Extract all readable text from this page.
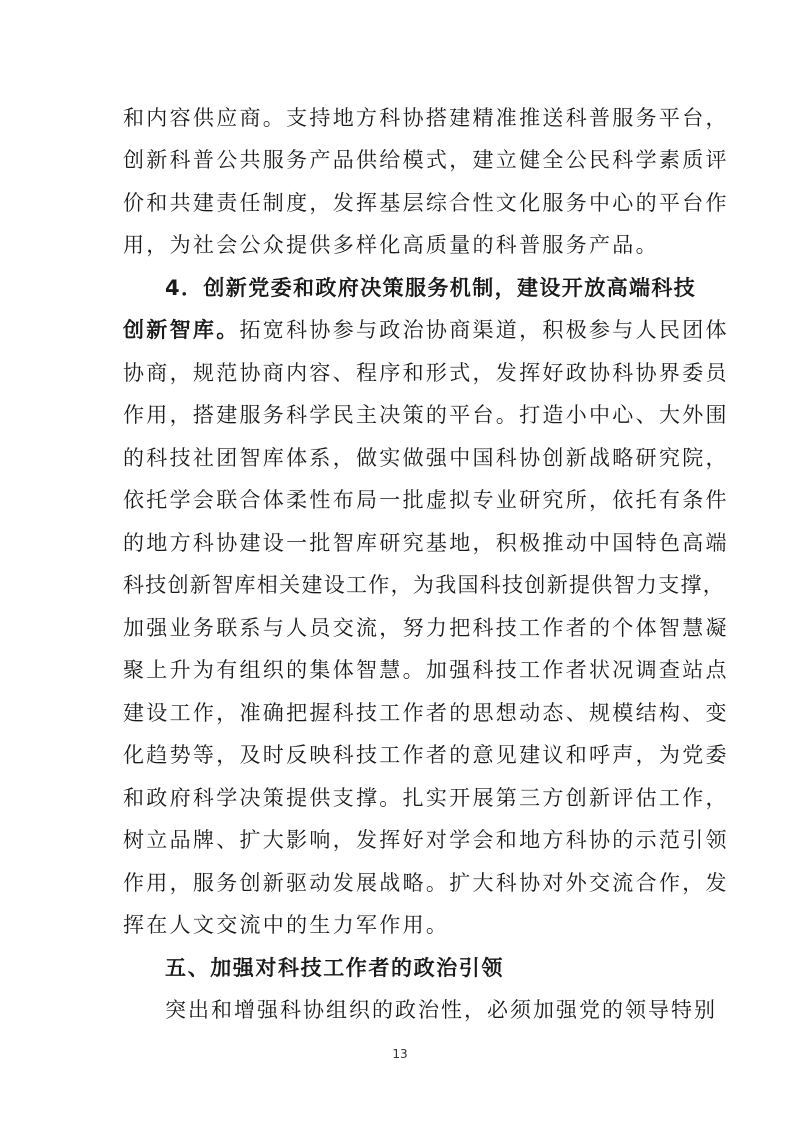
和内容供应商。支持地方科协搭建精准推送科普服务平台，
创新科普公共服务产品供给模式，建立健全公民科学素质评
价和共建责任制度，发挥基层综合性文化服务中心的平台作
用，为社会公众提供多样化高质量的科普服务产品。
4．创新党委和政府决策服务机制，建设开放高端科技
创新智库。拓宽科协参与政治协商渠道，积极参与人民团体
协商，规范协商内容、程序和形式，发挥好政协科协界委员
作用，搭建服务科学民主决策的平台。打造小中心、大外围
的科技社团智库体系，做实做强中国科协创新战略研究院，
依托学会联合体柔性布局一批虚拟专业研究所，依托有条件
的地方科协建设一批智库研究基地，积极推动中国特色高端
科技创新智库相关建设工作，为我国科技创新提供智力支撑，
加强业务联系与人员交流，努力把科技工作者的个体智慧凝
聚上升为有组织的集体智慧。加强科技工作者状况调查站点
建设工作，准确把握科技工作者的思想动态、规模结构、变
化趋势等，及时反映科技工作者的意见建议和呼声，为党委
和政府科学决策提供支撑。扎实开展第三方创新评估工作，
树立品牌、扩大影响，发挥好对学会和地方科协的示范引领
五、加强对科技工作者的政治引领
突出和增强科协组织的政治性，必须加强党的领导特别
作用，服务创新驱动发展战略。扩大科协对外交流合作，发
挥在人文交流中的生力军作用。
13
